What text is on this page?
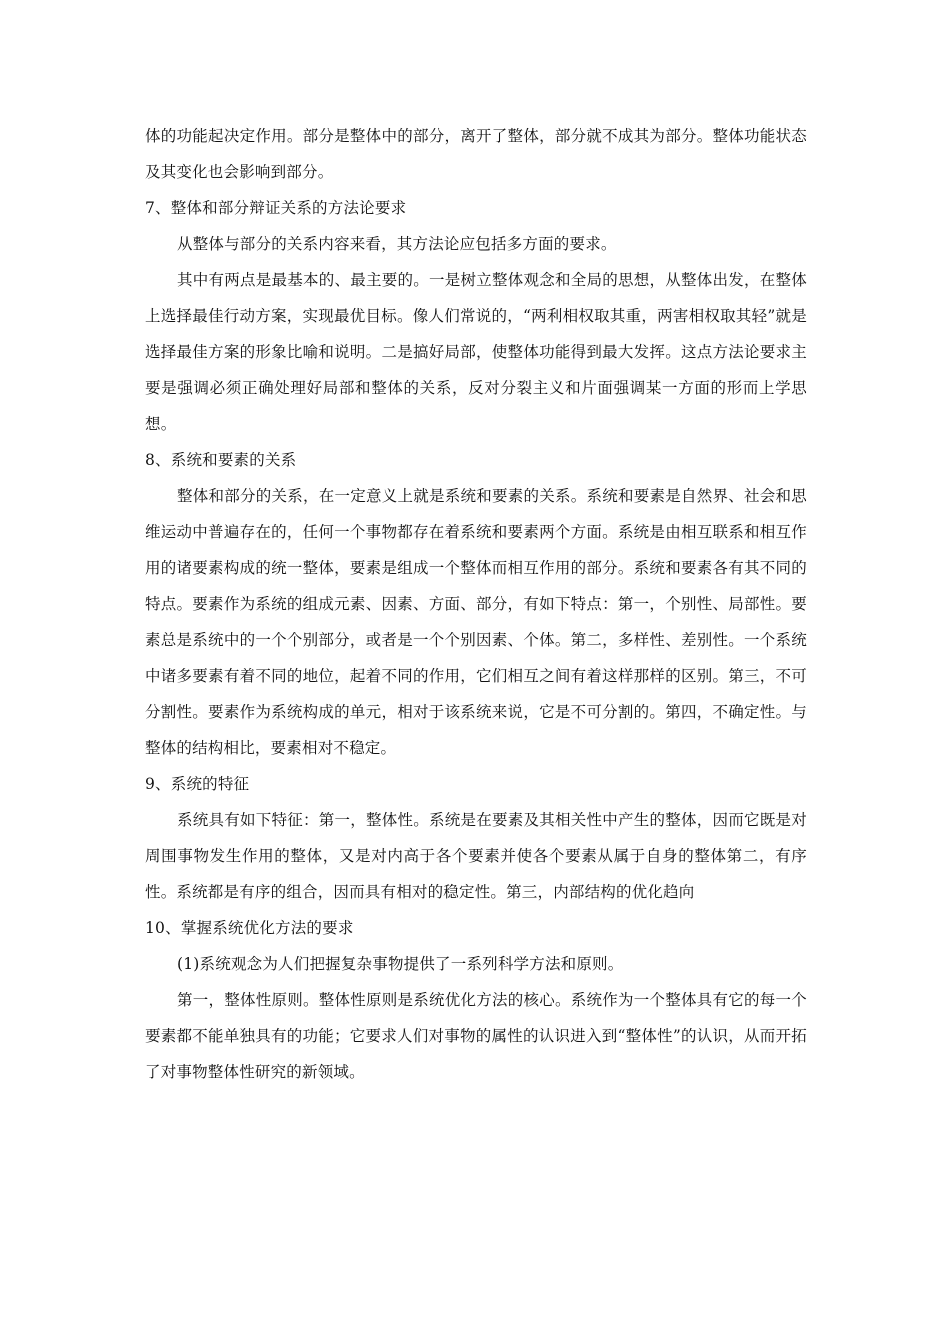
体的功能起决定作用。部分是整体中的部分，离开了整体，部分就不成其为部分。整体功能状态及其变化也会影响到部分。

7、整体和部分辩证关系的方法论要求

从整体与部分的关系内容来看，其方法论应包括多方面的要求。

其中有两点是最基本的、最主要的。一是树立整体观念和全局的思想，从整体出发，在整体上选择最佳行动方案，实现最优目标。像人们常说的，“两利相权取其重，两害相权取其轻”就是选择最佳方案的形象比喻和说明。二是搞好局部，使整体功能得到最大发挥。这点方法论要求主要是强调必须正确处理好局部和整体的关系，反对分裂主义和片面强调某一方面的形而上学思想。

8、系统和要素的关系

整体和部分的关系，在一定意义上就是系统和要素的关系。系统和要素是自然界、社会和思维运动中普遍存在的，任何一个事物都存在着系统和要素两个方面。系统是由相互联系和相互作用的诸要素构成的统一整体，要素是组成一个整体而相互作用的部分。系统和要素各有其不同的特点。要素作为系统的组成元素、因素、方面、部分，有如下特点：第一，个别性、局部性。要素总是系统中的一个个别部分，或者是一个个别因素、个体。第二，多样性、差别性。一个系统中诸多要素有着不同的地位，起着不同的作用，它们相互之间有着这样那样的区别。第三，不可分割性。要素作为系统构成的单元，相对于该系统来说，它是不可分割的。第四，不确定性。与整体的结构相比，要素相对不稳定。

9、系统的特征

系统具有如下特征：第一，整体性。系统是在要素及其相关性中产生的整体，因而它既是对周围事物发生作用的整体，又是对内高于各个要素并使各个要素从属于自身的整体第二，有序性。系统都是有序的组合，因而具有相对的稳定性。第三，内部结构的优化趋向

10、掌握系统优化方法的要求

(1)系统观念为人们把握复杂事物提供了一系列科学方法和原则。

第一，整体性原则。整体性原则是系统优化方法的核心。系统作为一个整体具有它的每一个要素都不能单独具有的功能；它要求人们对事物的属性的认识进入到“整体性”的认识，从而开拓了对事物整体性研究的新领域。
